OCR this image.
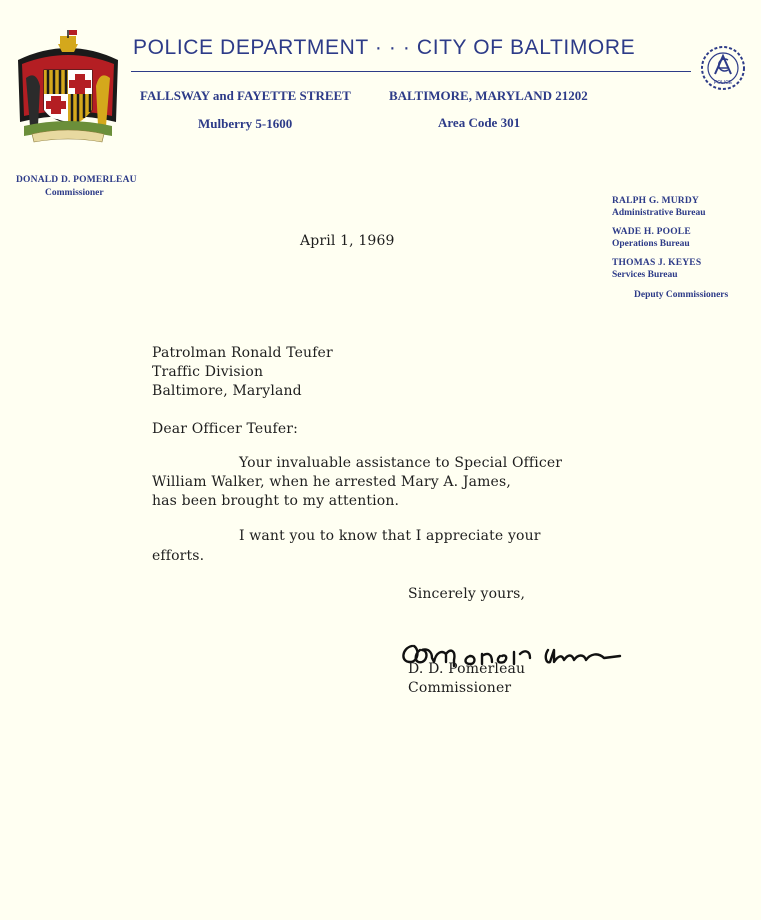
POLICE DEPARTMENT · · · CITY OF BALTIMORE
FALLSWAY and FAYETTE STREET	BALTIMORE, MARYLAND 21202
Mulberry 5-1600	Area Code 301
POLICE
DONALD D. POMERLEAU
Commissioner
RALPH G. MURDY
Administrative Bureau
WADE H. POOLE
Operations Bureau
THOMAS J. KEYES
Services Bureau
Deputy Commissioners
April 1, 1969
Patrolman Ronald Teufer
Traffic Division
Baltimore, Maryland
Dear Officer Teufer:
Your invaluable assistance to Special Officer
William Walker, when he arrested Mary A. James,
has been brought to my attention.
I want you to know that I appreciate your
efforts.
Sincerely yours,
D. D. Pomerleau
Commissioner
